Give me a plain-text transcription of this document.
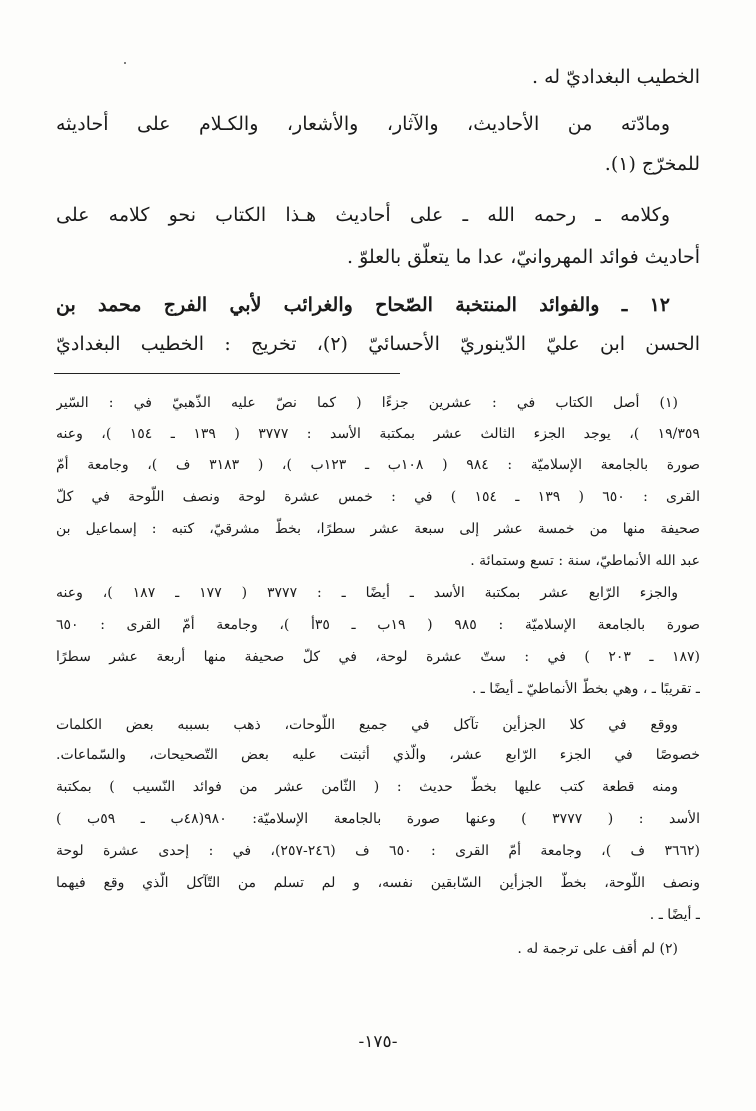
الخطيب البغداديّ له .
ومادّته من الأحاديث، والآثار، والأشعار، والكـلام على أحاديثه
للمخرّج (١).
وكلامه ـ رحمه الله ـ على أحاديث هـذا الكتاب نحو كلامه على
أحاديث فوائد المهروانيّ، عدا ما يتعلّق بالعلوّ .
١٢ ـ والفوائد المنتخبة الصّحاح والغرائب لأبي الفرج محمد بن
الحسن ابن عليّ الدّينوريّ الأحسائيّ (٢)، تخريج : الخطيب البغداديّ
(١) أصل الكتاب في : عشرين جزءًا ( كما نصّ عليه الذّهبيّ في : السّير
١٩/٣٥٩ )، يوجد الجزء الثالث عشر بمكتبة الأسد : ٣٧٧٧ ( ١٣٩ ـ ١٥٤ )، وعنه
صورة بالجامعة الإسلاميّة : ٩٨٤ ( ١٠٨ب ـ ١٢٣ب )، ( ٣١٨٣ ف )، وجامعة أمّ
القرى : ٦٥٠ ( ١٣٩ ـ ١٥٤ ) في : خمس عشرة لوحة ونصف اللّوحة في كلّ
صحيفة منها من خمسة عشر إلى سبعة عشر سطرًا، بخطّ مشرقيّ، كتبه : إسماعيل بن
عبد الله الأنماطيّ، سنة : تسع وستمائة .
والجزء الرّابع عشر بمكتبة الأسد ـ أيضًا ـ : ٣٧٧٧ ( ١٧٧ ـ ١٨٧ )، وعنه
صورة بالجامعة الإسلاميّة : ٩٨٥ ( ١٩ب ـ ٣٥أ )، وجامعة أمّ القرى : ٦٥٠
(١٨٧ ـ ٢٠٣ ) في : ستّ عشرة لوحة، في كلّ صحيفة منها أربعة عشر سطرًا
ـ تقريبًا ـ ، وهي بخطّ الأنماطيّ ـ أيضًا ـ .
ووقع في كلا الجزأين تآكل في جميع اللّوحات، ذهب بسببه بعض الكلمات
خصوصًا في الجزء الرّابع عشر، والّذي أثبتت عليه بعض التّصحيحات، والسّماعات.
ومنه قطعة كتب عليها بخطّ حديث : ( الثّامن عشر من فوائد النّسيب ) بمكتبة
الأسد : ( ٣٧٧٧ ) وعنها صورة بالجامعة الإسلاميّة: ٩٨٠(٤٨ب ـ ٥٩ب )
(٣٦٦٢ ف )، وجامعة أمّ القرى : ٦٥٠ ف (٢٤٦-٢٥٧)، في : إحدى عشرة لوحة
ونصف اللّوحة، بخطّ الجزأين السّابقين نفسه، و لم تسلم من التّآكل الّذي وقع فيهما
ـ أيضًا ـ .
(٢) لم أقف على ترجمة له .
-١٧٥-
